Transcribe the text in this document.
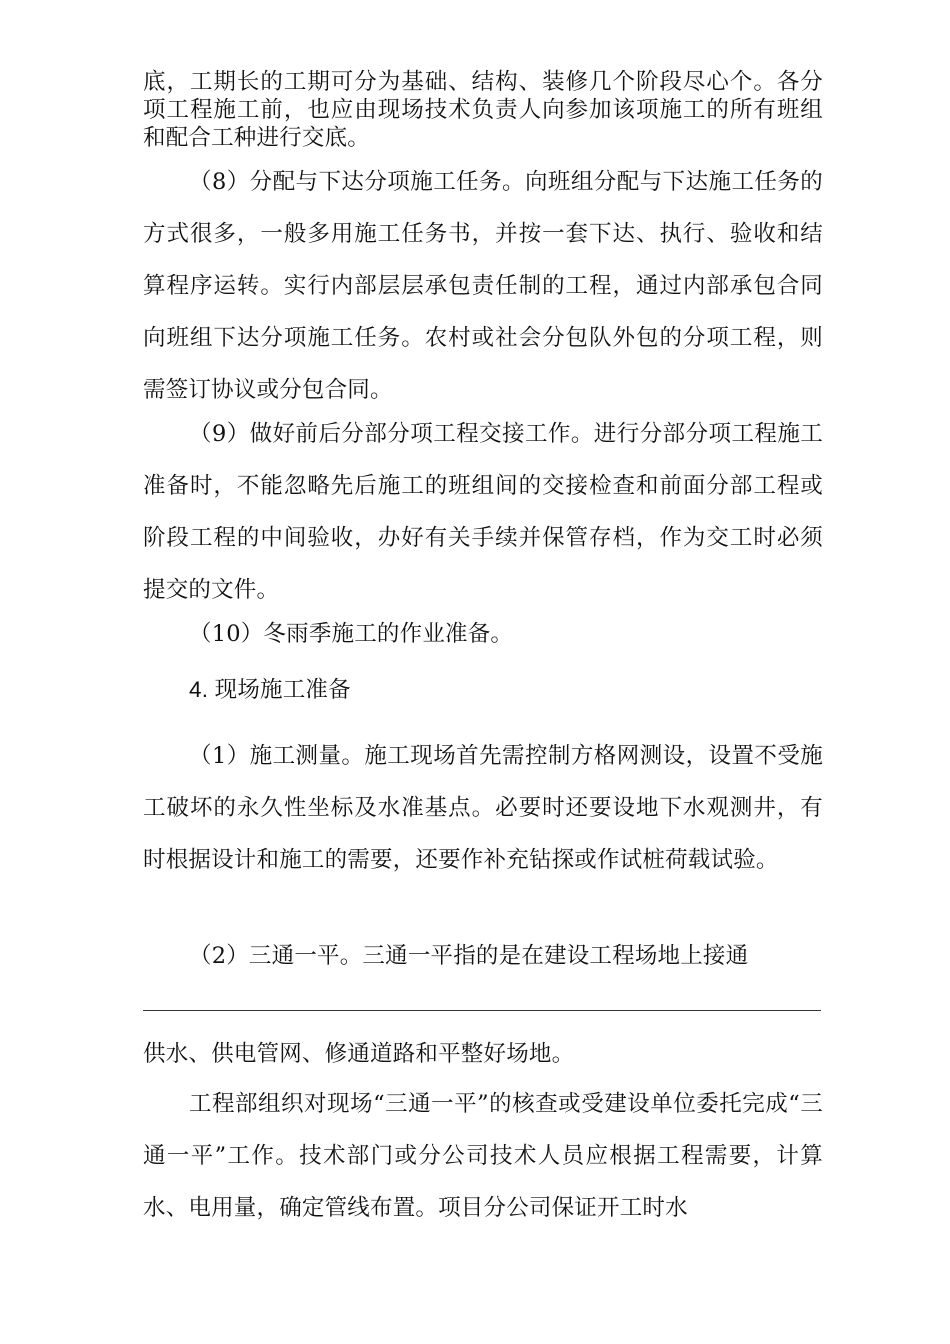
底，工期长的工期可分为基础、结构、装修几个阶段尽心个。各分项工程施工前，也应由现场技术负责人向参加该项施工的所有班组和配合工种进行交底。

（8）分配与下达分项施工任务。向班组分配与下达施工任务的方式很多，一般多用施工任务书，并按一套下达、执行、验收和结算程序运转。实行内部层层承包责任制的工程，通过内部承包合同向班组下达分项施工任务。农村或社会分包队外包的分项工程，则需签订协议或分包合同。

（9）做好前后分部分项工程交接工作。进行分部分项工程施工准备时，不能忽略先后施工的班组间的交接检查和前面分部工程或阶段工程的中间验收，办好有关手续并保管存档，作为交工时必须提交的文件。

（10）冬雨季施工的作业准备。

4. 现场施工准备

（1）施工测量。施工现场首先需控制方格网测设，设置不受施工破坏的永久性坐标及水准基点。必要时还要设地下水观测井，有时根据设计和施工的需要，还要作补充钻探或作试桩荷载试验。

（2）三通一平。三通一平指的是在建设工程场地上接通

供水、供电管网、修通道路和平整好场地。

工程部组织对现场“三通一平”的核查或受建设单位委托完成“三通一平”工作。技术部门或分公司技术人员应根据工程需要，计算水、电用量，确定管线布置。项目分公司保证开工时水
